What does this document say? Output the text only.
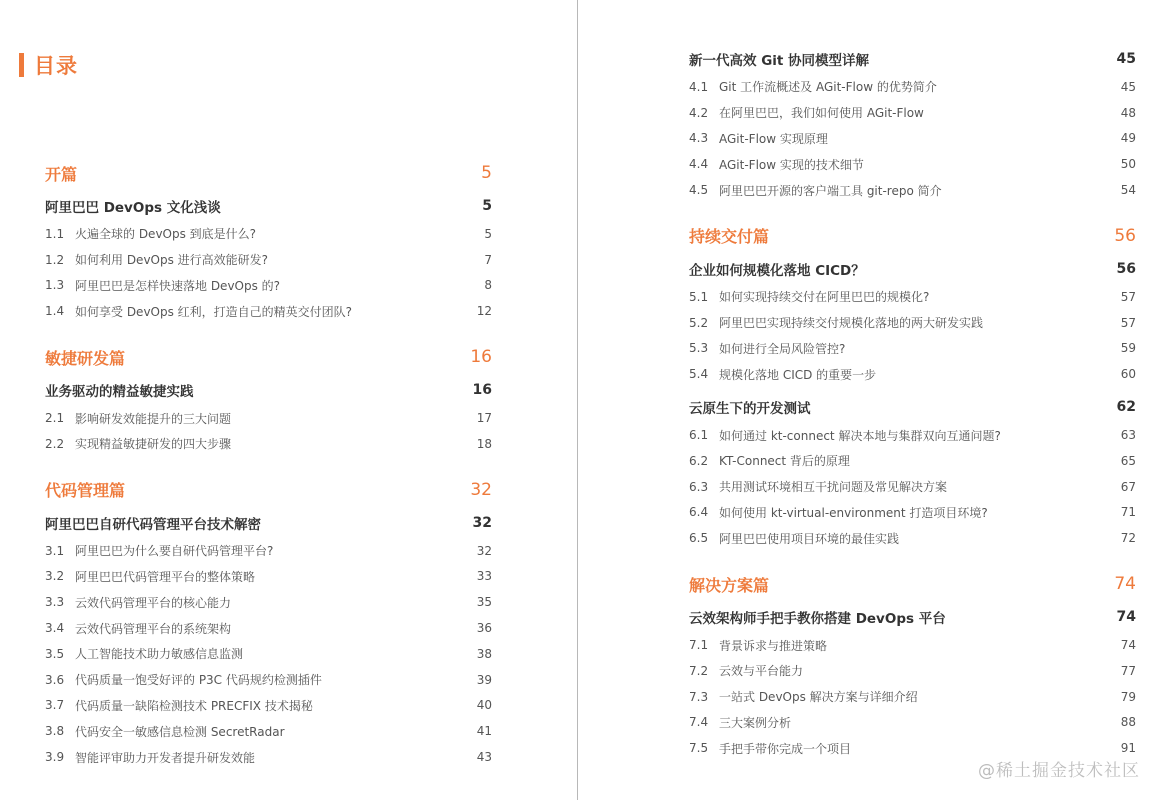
目录
开篇	5
阿里巴巴 DevOps 文化浅谈	5
1.1 火遍全球的 DevOps 到底是什么?	5
1.2 如何利用 DevOps 进行高效能研发?	7
1.3 阿里巴巴是怎样快速落地 DevOps 的?	8
1.4 如何享受 DevOps 红利，打造自己的精英交付团队?	12
敏捷研发篇	16
业务驱动的精益敏捷实践	16
2.1 影响研发效能提升的三大问题	17
2.2 实现精益敏捷研发的四大步骤	18
代码管理篇	32
阿里巴巴自研代码管理平台技术解密	32
3.1 阿里巴巴为什么要自研代码管理平台?	32
3.2 阿里巴巴代码管理平台的整体策略	33
3.3 云效代码管理平台的核心能力	35
3.4 云效代码管理平台的系统架构	36
3.5 人工智能技术助力敏感信息监测	38
3.6 代码质量一饱受好评的 P3C 代码规约检测插件	39
3.7 代码质量一缺陷检测技术 PRECFIX 技术揭秘	40
3.8 代码安全一敏感信息检测 SecretRadar	41
3.9 智能评审助力开发者提升研发效能	43
新一代高效 Git 协同模型详解	45
4.1 Git 工作流概述及 AGit-Flow 的优势简介	45
4.2 在阿里巴巴，我们如何使用 AGit-Flow	48
4.3 AGit-Flow 实现原理	49
4.4 AGit-Flow 实现的技术细节	50
4.5 阿里巴巴开源的客户端工具 git-repo 简介	54
持续交付篇	56
企业如何规模化落地 CICD？	56
5.1 如何实现持续交付在阿里巴巴的规模化?	57
5.2 阿里巴巴实现持续交付规模化落地的两大研发实践	57
5.3 如何进行全局风险管控?	59
5.4 规模化落地 CICD 的重要一步	60
云原生下的开发测试	62
6.1 如何通过 kt-connect 解决本地与集群双向互通问题?	63
6.2 KT-Connect 背后的原理	65
6.3 共用测试环境相互干扰问题及常见解决方案	67
6.4 如何使用 kt-virtual-environment 打造项目环境?	71
6.5 阿里巴巴使用项目环境的最佳实践	72
解决方案篇	74
云效架构师手把手教你搭建 DevOps 平台	74
7.1 背景诉求与推进策略	74
7.2 云效与平台能力	77
7.3 一站式 DevOps 解决方案与详细介绍	79
7.4 三大案例分析	88
7.5 手把手带你完成一个项目	91
@稀土掘金技术社区
